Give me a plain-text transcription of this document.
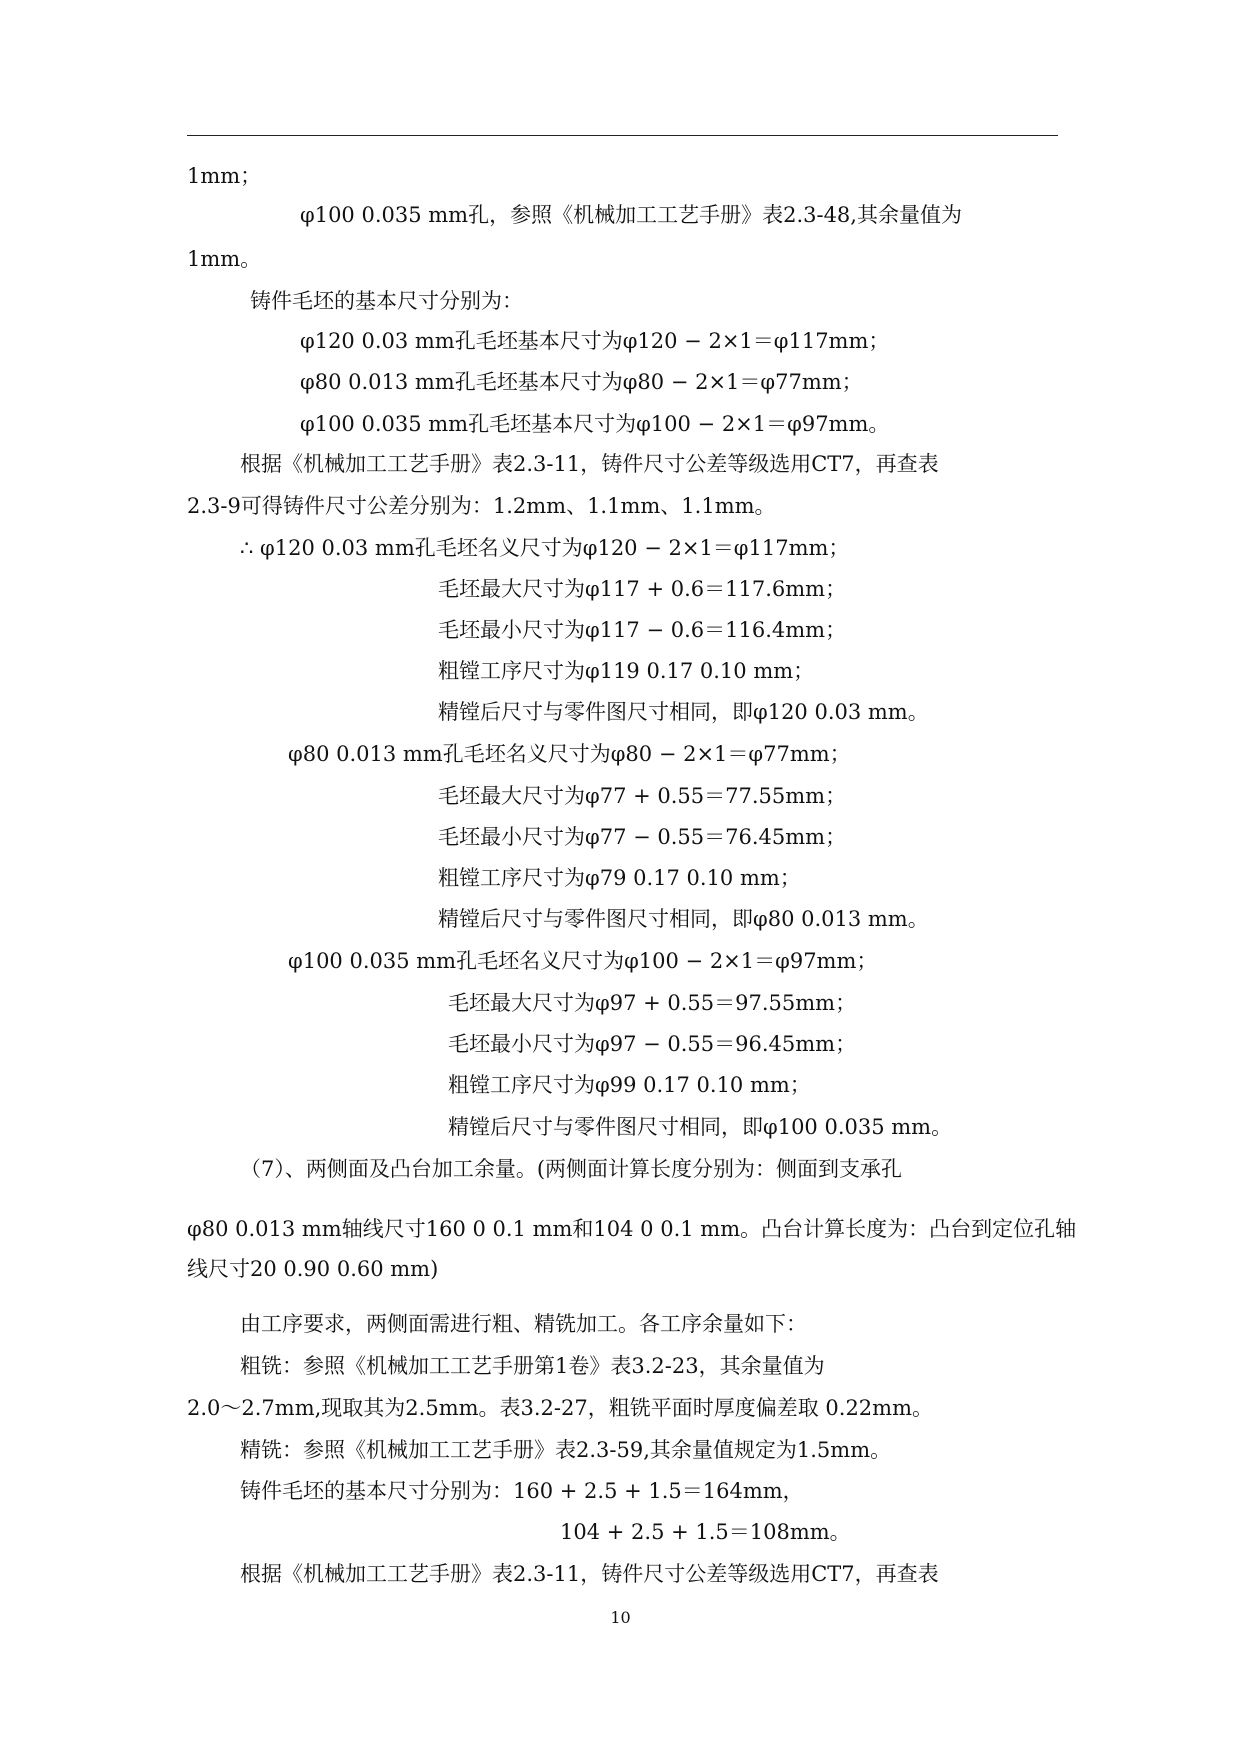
1mm；
φ100 0.035 mm孔，参照《机械加工工艺手册》表2.3-48,其余量值为
1mm。
铸件毛坯的基本尺寸分别为：
φ120 0.03 mm孔毛坯基本尺寸为φ120 − 2×1＝φ117mm；
φ80 0.013 mm孔毛坯基本尺寸为φ80 − 2×1＝φ77mm；
φ100 0.035 mm孔毛坯基本尺寸为φ100 − 2×1＝φ97mm。
根据《机械加工工艺手册》表2.3-11，铸件尺寸公差等级选用CT7，再查表
2.3-9可得铸件尺寸公差分别为：1.2mm、1.1mm、1.1mm。
∴ φ120 0.03 mm孔毛坯名义尺寸为φ120 − 2×1＝φ117mm；
毛坯最大尺寸为φ117 + 0.6＝117.6mm；
毛坯最小尺寸为φ117 − 0.6＝116.4mm；
粗镗工序尺寸为φ119 0.17 0.10 mm；
精镗后尺寸与零件图尺寸相同，即φ120 0.03 mm。
φ80 0.013 mm孔毛坯名义尺寸为φ80 − 2×1＝φ77mm；
毛坯最大尺寸为φ77 + 0.55＝77.55mm；
毛坯最小尺寸为φ77 − 0.55＝76.45mm；
粗镗工序尺寸为φ79 0.17 0.10 mm；
精镗后尺寸与零件图尺寸相同，即φ80 0.013 mm。
φ100 0.035 mm孔毛坯名义尺寸为φ100 − 2×1＝φ97mm；
毛坯最大尺寸为φ97 + 0.55＝97.55mm；
毛坯最小尺寸为φ97 − 0.55＝96.45mm；
粗镗工序尺寸为φ99 0.17 0.10 mm；
精镗后尺寸与零件图尺寸相同，即φ100 0.035 mm。
（7）、两侧面及凸台加工余量。(两侧面计算长度分别为：侧面到支承孔
φ80 0.013 mm轴线尺寸160 0 0.1 mm和104 0 0.1 mm。凸台计算长度为：凸台到定位孔轴
线尺寸20 0.90 0.60 mm)
由工序要求，两侧面需进行粗、精铣加工。各工序余量如下：
粗铣：参照《机械加工工艺手册第1卷》表3.2-23，其余量值为
2.0～2.7mm,现取其为2.5mm。表3.2-27，粗铣平面时厚度偏差取 0.22mm。
精铣：参照《机械加工工艺手册》表2.3-59,其余量值规定为1.5mm。
铸件毛坯的基本尺寸分别为：160 + 2.5 + 1.5＝164mm，
104 + 2.5 + 1.5＝108mm。
根据《机械加工工艺手册》表2.3-11，铸件尺寸公差等级选用CT7，再查表
10
